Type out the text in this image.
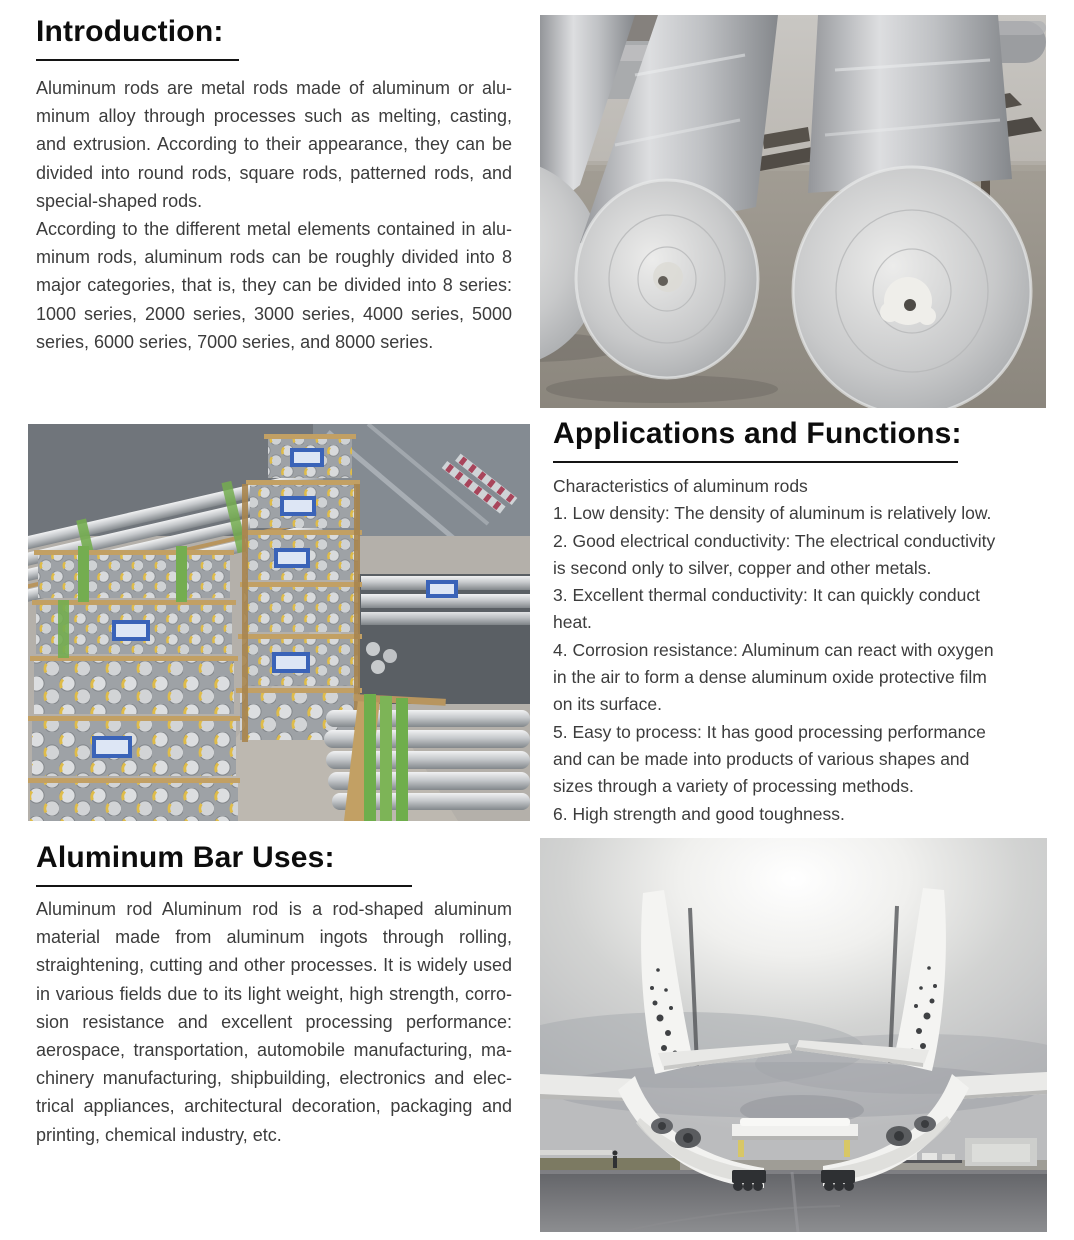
Introduction:
Aluminum rods are metal rods made of aluminum or alu-
minum alloy through processes such as melting, casting,
and extrusion. According to their appearance, they can be
divided into round rods, square rods, patterned rods, and
special-shaped rods.
According to the different metal elements contained in alu-
minum rods, aluminum rods can be roughly divided into 8
major categories, that is, they can be divided into 8 series:
1000 series, 2000 series, 3000 series, 4000 series, 5000
series, 6000 series, 7000 series, and 8000 series.
Applications and Functions:
Characteristics of aluminum rods
1. Low density: The density of aluminum is relatively low.
2. Good electrical conductivity: The electrical conductivity
is second only to silver, copper and other metals.
3. Excellent thermal conductivity: It can quickly conduct
heat.
4. Corrosion resistance: Aluminum can react with oxygen
in the air to form a dense aluminum oxide protective film
on its surface.
5. Easy to process: It has good processing performance
and can be made into products of various shapes and
sizes through a variety of processing methods.
6. High strength and good toughness.
Aluminum Bar Uses:
Aluminum rod Aluminum rod is a rod-shaped aluminum
material made from aluminum ingots through rolling,
straightening, cutting and other processes. It is widely used
in various fields due to its light weight, high strength, corro-
sion resistance and excellent processing performance:
aerospace, transportation, automobile manufacturing, ma-
chinery manufacturing, shipbuilding, electronics and elec-
trical appliances, architectural decoration, packaging and
printing, chemical industry, etc.
